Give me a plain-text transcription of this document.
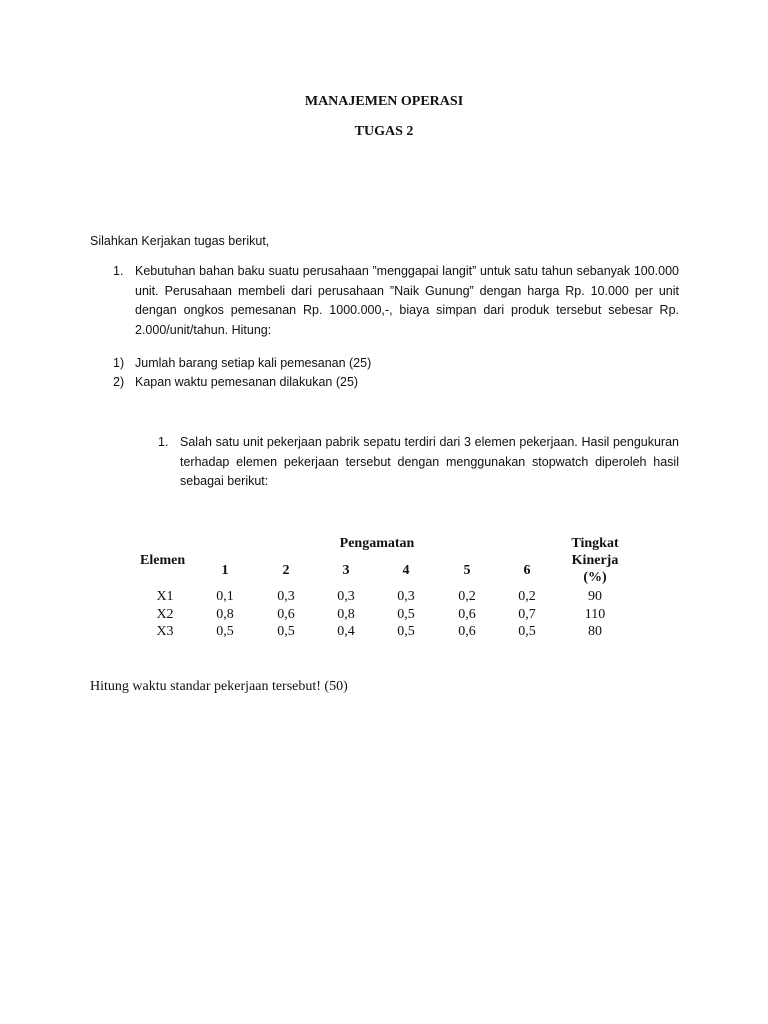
MANAJEMEN OPERASI
TUGAS 2
Silahkan Kerjakan tugas berikut,
1. Kebutuhan bahan baku suatu perusahaan ”menggapai langit” untuk satu tahun sebanyak 100.000 unit. Perusahaan membeli dari perusahaan ”Naik Gunung” dengan harga Rp. 10.000 per unit dengan ongkos pemesanan Rp. 1000.000,-, biaya simpan dari produk tersebut sebesar Rp. 2.000/unit/tahun. Hitung:
1) Jumlah barang setiap kali pemesanan (25)
2) Kapan waktu pemesanan dilakukan (25)
1. Salah satu unit pekerjaan pabrik sepatu terdiri dari 3 elemen pekerjaan. Hasil pengukuran terhadap elemen pekerjaan tersebut dengan menggunakan stopwatch diperoleh hasil sebagai berikut:
Elemen
Pengamatan
1	2	3	4	5	6
Tingkat
Kinerja
(%)
X1	0,1	0,3	0,3	0,3	0,2	0,2	90
X2	0,8	0,6	0,8	0,5	0,6	0,7	110
X3	0,5	0,5	0,4	0,5	0,6	0,5	80
Hitung waktu standar pekerjaan tersebut! (50)
